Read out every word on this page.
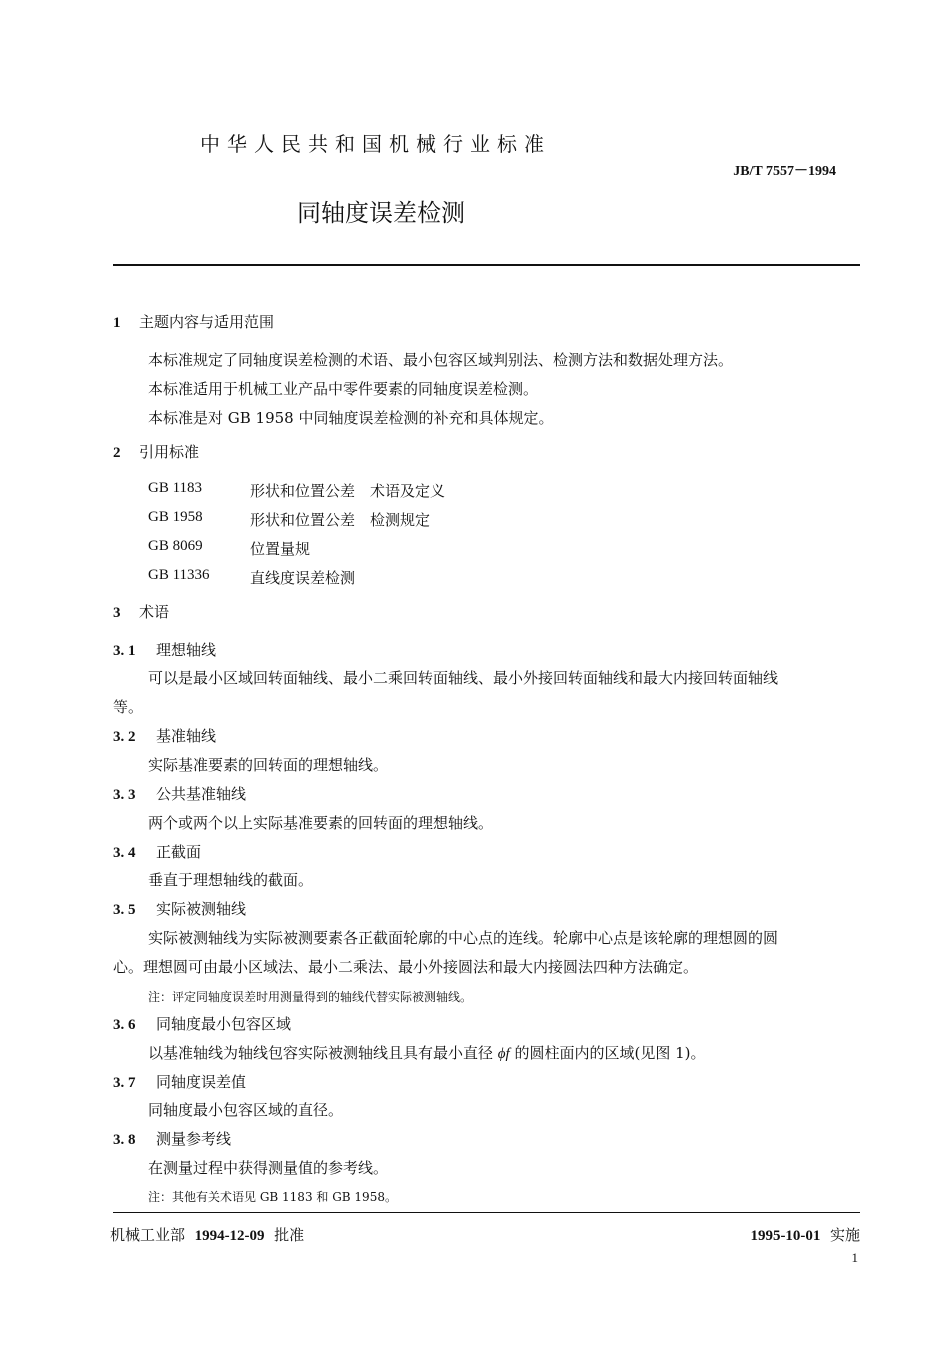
中华人民共和国机械行业标准
JB/T 7557－1994
同轴度误差检测
1 主题内容与适用范围
本标准规定了同轴度误差检测的术语、最小包容区域判别法、检测方法和数据处理方法。
本标准适用于机械工业产品中零件要素的同轴度误差检测。
本标准是对 GB 1958 中同轴度误差检测的补充和具体规定。
2 引用标准
GB 1183	形状和位置公差　术语及定义
GB 1958	形状和位置公差　检测规定
GB 8069	位置量规
GB 11336	直线度误差检测
3 术语
3. 1 理想轴线
可以是最小区域回转面轴线、最小二乘回转面轴线、最小外接回转面轴线和最大内接回转面轴线
等。
3. 2 基准轴线
实际基准要素的回转面的理想轴线。
3. 3 公共基准轴线
两个或两个以上实际基准要素的回转面的理想轴线。
3. 4 正截面
垂直于理想轴线的截面。
3. 5 实际被测轴线
实际被测轴线为实际被测要素各正截面轮廓的中心点的连线。轮廓中心点是该轮廓的理想圆的圆
心。理想圆可由最小区域法、最小二乘法、最小外接圆法和最大内接圆法四种方法确定。
注：评定同轴度误差时用测量得到的轴线代替实际被测轴线。
3. 6 同轴度最小包容区域
以基准轴线为轴线包容实际被测轴线且具有最小直径 ϕf 的圆柱面内的区域(见图 1)。
3. 7 同轴度误差值
同轴度最小包容区域的直径。
3. 8 测量参考线
在测量过程中获得测量值的参考线。
注：其他有关术语见 GB 1183 和 GB 1958。
机械工业部 1994-12-09 批准	1995-10-01 实施
1
